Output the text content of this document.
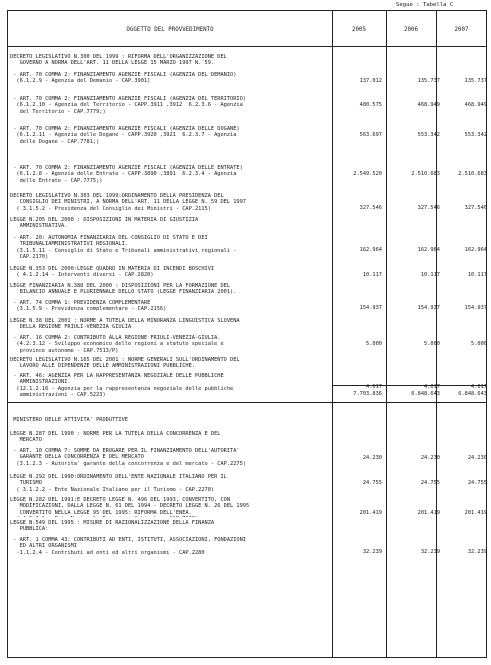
Segue : Tabella C
OGGETTO DEL PROVVEDIMENTO	2005	2006	2007
DECRETO LEGISLATIVO N.300 DEL 1999 : RIFORMA DELL'ORGANIZZAZIONE DEL
GOVERNO A NORMA DELL'ART. 11 DELLA LEGGE 15 MARZO 1997 N. 59.
- ART. 70 COMMA 2: FINANZIAMENTO AGENZIE FISCALI (AGENZIA DEL DEMANIO)
(6.1.2.9 - Agenzia del Demanio - CAP.3901)	137.012	135.737	135.737
- ART. 70 COMMA 2: FINANZIAMENTO AGENZIE FISCALI (AGENZIA DEL TERRITORIO)
(6.1.2.10 - Agenzia del Territorio - CAPP.3911 ,3912  6.2.3.6 - Agenzia
del Territorio - CAP.7779;)
480.575	468.949	468.949
- ART. 70 COMMA 2: FINANZIAMENTO AGENZIE FISCALI (AGENZIA DELLE DOGANE)
(6.1.2.11 - Agenzia delle Dogane - CAPP.3920 ,3921  6.2.3.7 - Agenzia
delle Dogane - CAP.7781;)
563.697	553.342	553.342
- ART. 70 COMMA 2: FINANZIAMENTO AGENZIE FISCALI (AGENZIA DELLE ENTRATE)
(6.1.2.8 - Agenzia delle Entrate - CAPP.3890 ,3891  6.2.3.4 - Agenzia
delle Entrate - CAP.7775;)
2.549.520	2.510.683	2.510.683
DECRETO LEGISLATIVO N.303 DEL 1999:ORDINAMENTO DELLA PRESIDENZA DEL
CONSIGLIO DEI MINISTRI, A NORMA DELL'ART. 11 DELLA LEGGE N. 59 DEL 1997
( 3.1.5.2 - Presidenza del Consiglio dei Ministri - CAP.2115)	327.546	327.546	327.546
LEGGE N.205 DEL 2000 : DISPOSIZIONI IN MATERIA DI GIUSTIZIA
AMMINISTRATIVA.
- ART. 20: AUTONOMIA FINANZIARIA DEL CONSIGLIO DI STATO E DEI
TRIBUNALIAMMINISTRATIVI REGIONALI.
(3.1.5.11 - Consiglio di Stato e Tribunali amministrativi regionali -
CAP.2170)
162.964	162.964	162.964
LEGGE N.353 DEL 2000:LEGGE QUADRO IN MATERIA DI INCENDI BOSCHIVI
( 4.1.2.14 - Interventi diversi - CAP.2820)	10.117	10.117	10.117
LEGGE FINANZIARIA N.388 DEL 2000 : DISPOSIZIONI PER LA FORMAZIONE DEL
BILANCIO ANNUALE E PLURIENNALE DELLO STATO (LEGGE FINANZIARIA 2001).
- ART. 74 COMMA 1: PREVIDENZA COMPLEMENTARE
(3.1.5.9 - Previdenza complementare - CAP.2156)	154.937	154.937	154.937
LEGGE N.38 DEL 2001 : NORME A TUTELA DELLA MINORANZA LINGUISTICA SLOVENA
DELLA REGIONE FRIULI-VENEZIA GIULIA
- ART. 16 COMMA 2: CONTRIBUTO ALLA REGIONE FRIULI-VENEZIA-GIULIA.
(4.2.3.12 - Sviluppo economico delle regioni a statuto speciale e
province autonome - CAP.7513/P)
5.000	5.000	5.000
DECRETO LEGISLATIVO N.165 DEL 2001 : NORME GENERALI SULL'ORDINAMENTO DEL
LAVORO ALLE DIPENDENZE DELLE AMMINISTRAZIONI PUBBLICHE.
- ART. 46: AGENZIA PER LA RAPPRESENTANZA NEGOZIALE DELLE PUBBLICHE
AMMINISTRAZIONI.
(12.1.2.16 - Agenzia per la rappresentanza negoziale delle pubbliche
amministrazioni - CAP.5223)
4.017	4.017	4.017
7.703.836	6.848.643	6.848.643
MINISTERO DELLE ATTIVITA' PRODUTTIVE
LEGGE N.287 DEL 1990 : NORME PER LA TUTELA DELLA CONCORRENZA E DEL
MERCATO
- ART. 10 COMMA 7: SOMME DA EROGARE PER IL FINANZIAMENTO DELL'AUTORITA'
GARANTE DELLA CONCORRENZA E DEL MERCATO
(3.1.2.3 - Autorita' garante della concorrenza e del mercato - CAP.2275)
24.230	24.230	24.230
LEGGE N.292 DEL 1990:ORDINAMENTO DELL'ENTE NAZIONALE ITALIANO PER IL
TURISMO
( 3.1.2.2 - Ente Nazionale Italiano per il Turismo - CAP.2270)
24.755	24.755	24.755
LEGGE N.282 DEL 1991:E DECRETO LEGGE N. 496 DEL 1993, CONVERTITO, CON
MODIFICAZIONI, DALLA LEGGE N. 61 DEL 1994 - DECRETO LEGGE N. 26 DEL 1995
CONVERTITO NELLA LEGGE 95 DEL 1995: RIFORMA DELL'ENEA.
	201.419	201.419	201.419
LEGGE N.549 DEL 1995 : MISURE DI RAZIONALIZZAZIONE DELLA FINANZA
PUBBLICA:
- ART. 1 COMMA 43: CONTRIBUTI AD ENTI, ISTITUTI, ASSOCIAZIONI, FONDAZIONI
ED ALTRI ORGANISMI
-1.1.2.4 - Contributi ad enti ed altri organismi - CAP.2280	32.239	32.239	32.239
